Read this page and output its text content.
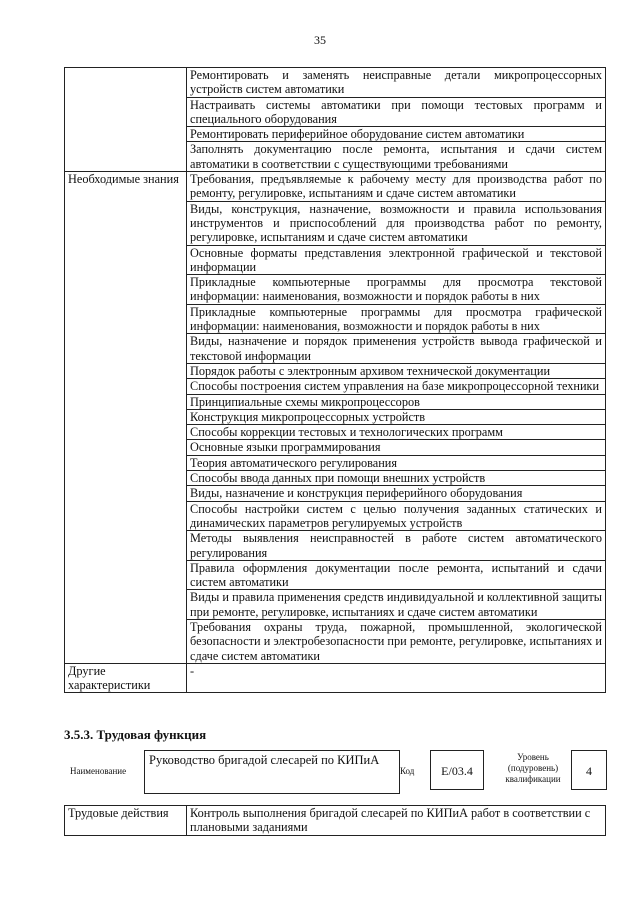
35
	Ремонтировать и заменять неисправные детали микропроцессорных устройств систем автоматики
	Настраивать системы автоматики при помощи тестовых программ и специального оборудования
	Ремонтировать периферийное оборудование систем автоматики
	Заполнять документацию после ремонта, испытания и сдачи систем автоматики в соответствии с существующими требованиями
Необходимые знания	Требования, предъявляемые к рабочему месту для производства работ по ремонту, регулировке, испытаниям и сдаче систем автоматики
	Виды, конструкция, назначение, возможности и правила использования инструментов и приспособлений для производства работ по ремонту, регулировке, испытаниям и сдаче систем автоматики
	Основные форматы представления электронной графической и текстовой информации
	Прикладные компьютерные программы для просмотра текстовой информации: наименования, возможности и порядок работы в них
	Прикладные компьютерные программы для просмотра графической информации: наименования, возможности и порядок работы в них
	Виды, назначение и порядок применения устройств вывода графической и текстовой информации
	Порядок работы с электронным архивом технической документации
	Способы построения систем управления на базе микропроцессорной техники
	Принципиальные схемы микропроцессоров
	Конструкция микропроцессорных устройств
	Способы коррекции тестовых и технологических программ
	Основные языки программирования
	Теория автоматического регулирования
	Способы ввода данных при помощи внешних устройств
	Виды, назначение и конструкция периферийного оборудования
	Способы настройки систем с целью получения заданных статических и динамических параметров регулируемых устройств
	Методы выявления неисправностей в работе систем автоматического регулирования
	Правила оформления документации после ремонта, испытаний и сдачи систем автоматики
	Виды и правила применения средств индивидуальной и коллективной защиты при ремонте, регулировке, испытаниях и сдаче систем автоматики
	Требования охраны труда, пожарной, промышленной, экологической безопасности и электробезопасности при ремонте, регулировке, испытаниях и сдаче систем автоматики
Другие характеристики	-
3.5.3. Трудовая функция
Наименование
Руководство бригадой слесарей по КИПиА
Код	E/03.4
Уровень (подуровень) квалификации
4
Трудовые действия	Контроль выполнения бригадой слесарей по КИПиА работ в соответствии с плановыми заданиями
